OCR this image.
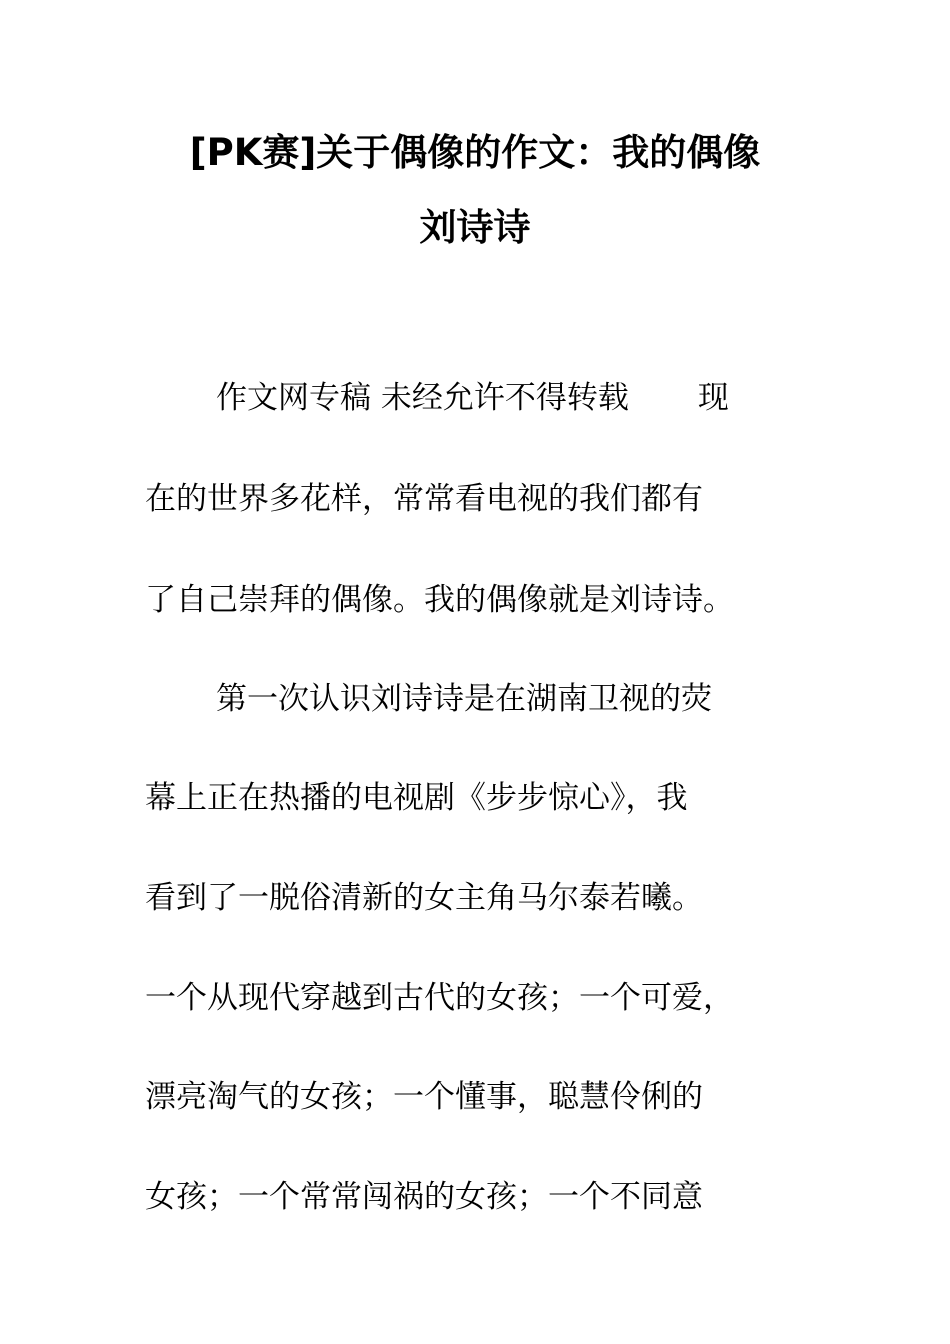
[PK赛]关于偶像的作文：我的偶像
刘诗诗
作文网专稿 未经允许不得转载       现
在的世界多花样，常常看电视的我们都有
了自己崇拜的偶像。我的偶像就是刘诗诗。
第一次认识刘诗诗是在湖南卫视的荧
幕上正在热播的电视剧《步步惊心》，我
看到了一脱俗清新的女主角马尔泰若曦。
一个从现代穿越到古代的女孩；一个可爱，
漂亮淘气的女孩；一个懂事，聪慧伶俐的
女孩；一个常常闯祸的女孩；一个不同意
